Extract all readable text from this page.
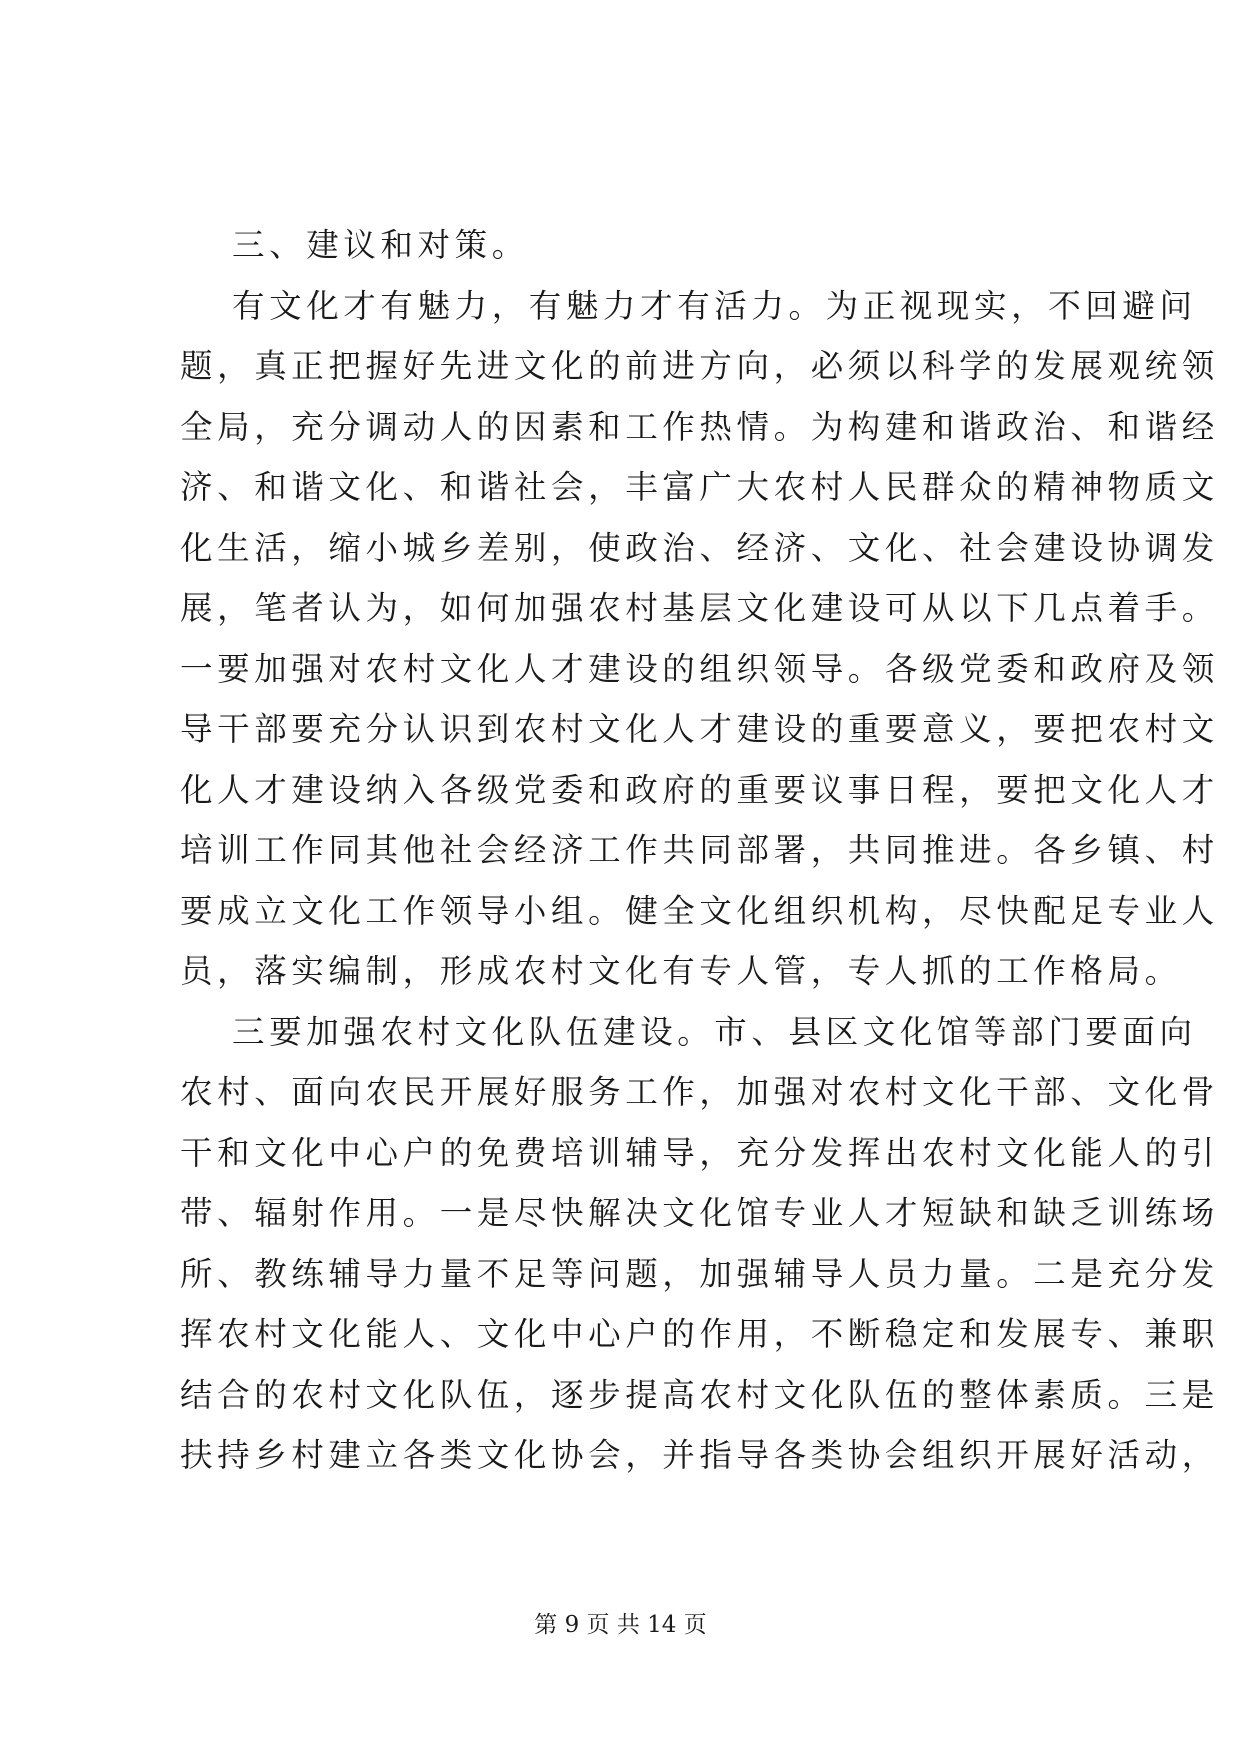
三、建议和对策。
有文化才有魅力，有魅力才有活力。为正视现实，不回避问
题，真正把握好先进文化的前进方向，必须以科学的发展观统领
全局，充分调动人的因素和工作热情。为构建和谐政治、和谐经
济、和谐文化、和谐社会，丰富广大农村人民群众的精神物质文
化生活，缩小城乡差别，使政治、经济、文化、社会建设协调发
展，笔者认为，如何加强农村基层文化建设可从以下几点着手。
一要加强对农村文化人才建设的组织领导。各级党委和政府及领
导干部要充分认识到农村文化人才建设的重要意义，要把农村文
化人才建设纳入各级党委和政府的重要议事日程，要把文化人才
培训工作同其他社会经济工作共同部署，共同推进。各乡镇、村
要成立文化工作领导小组。健全文化组织机构，尽快配足专业人
员，落实编制，形成农村文化有专人管，专人抓的工作格局。
三要加强农村文化队伍建设。市、县区文化馆等部门要面向
农村、面向农民开展好服务工作，加强对农村文化干部、文化骨
干和文化中心户的免费培训辅导，充分发挥出农村文化能人的引
带、辐射作用。一是尽快解决文化馆专业人才短缺和缺乏训练场
所、教练辅导力量不足等问题，加强辅导人员力量。二是充分发
挥农村文化能人、文化中心户的作用，不断稳定和发展专、兼职
结合的农村文化队伍，逐步提高农村文化队伍的整体素质。三是
扶持乡村建立各类文化协会，并指导各类协会组织开展好活动，
第 9 页 共 14 页
